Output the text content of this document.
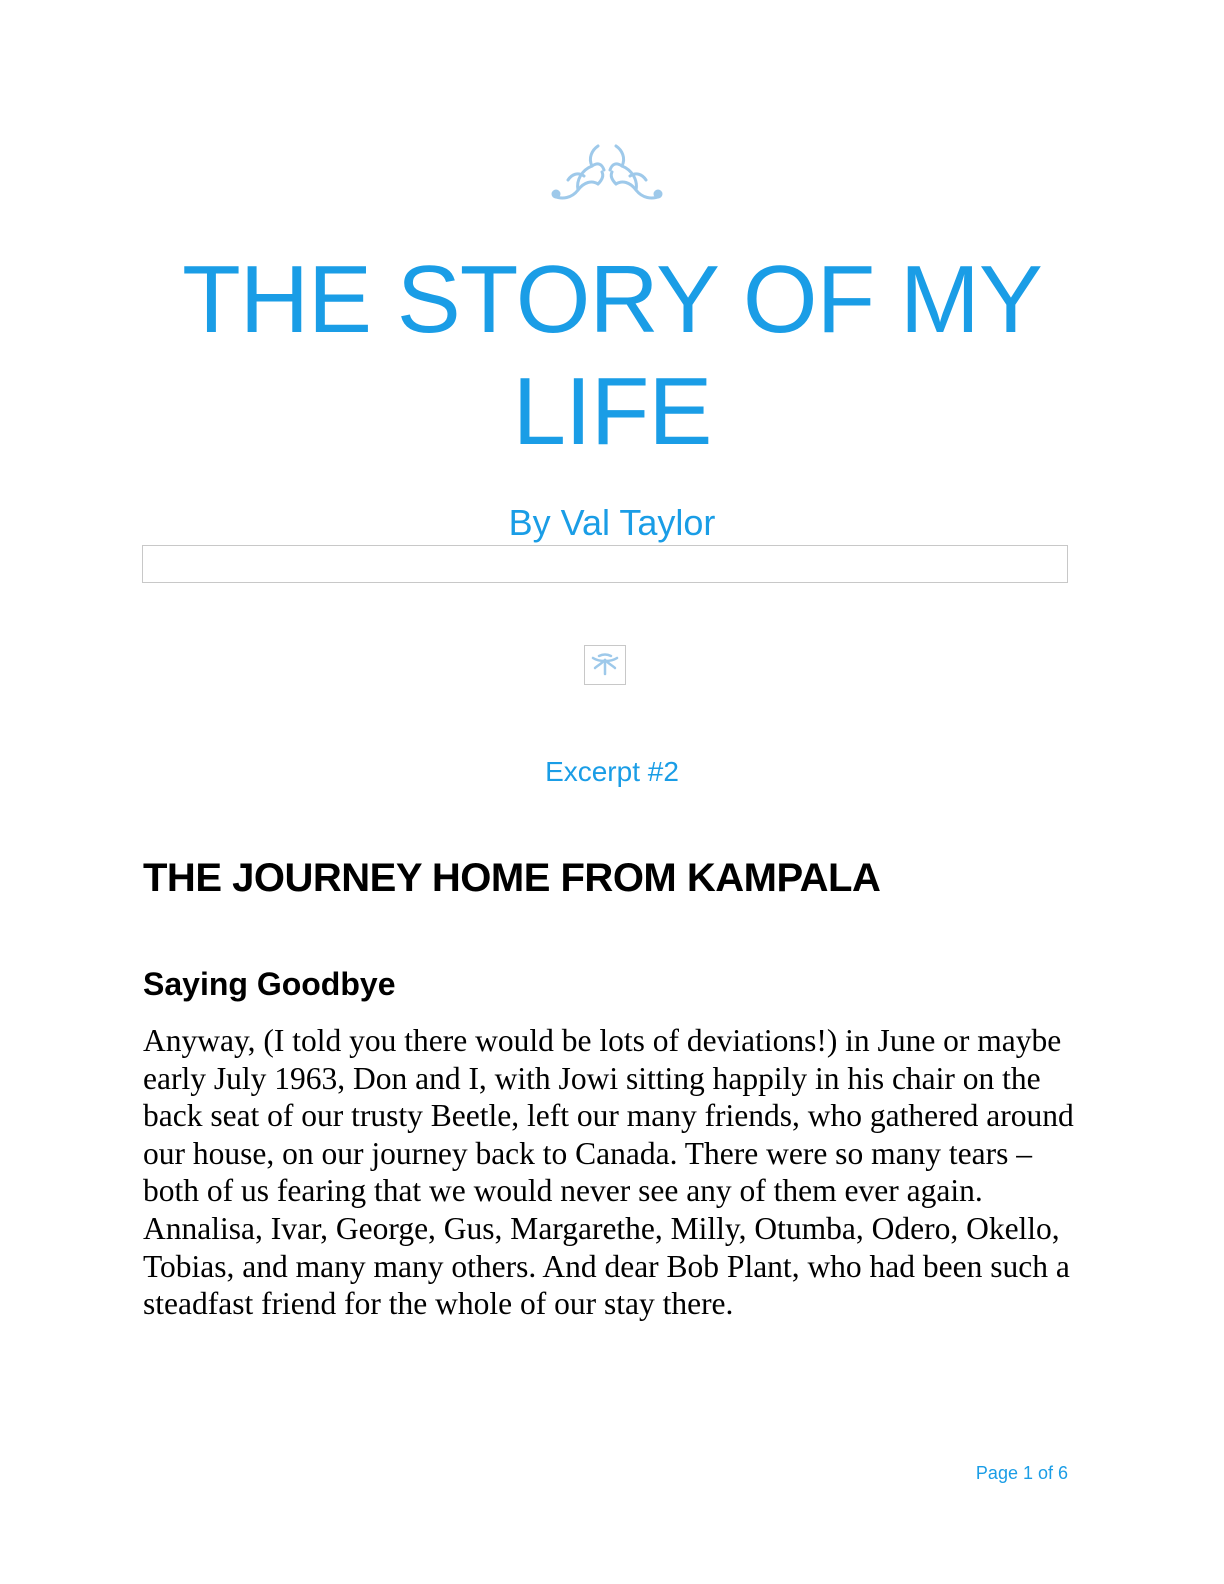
THE STORY OF MY LIFE
By Val Taylor
Excerpt #2
THE JOURNEY HOME FROM KAMPALA
Saying Goodbye

Anyway, (I told you there would be lots of deviations!) in June or maybe early July 1963, Don and I, with Jowi sitting happily in his chair on the back seat of our trusty Beetle, left our many friends, who gathered around our house, on our journey back to Canada. There were so many tears – both of us fearing that we would never see any of them ever again. Annalisa, Ivar, George, Gus, Margarethe, Milly, Otumba, Odero, Okello, Tobias, and many many others. And dear Bob Plant, who had been such a steadfast friend for the whole of our stay there.

Page 1 of 6
